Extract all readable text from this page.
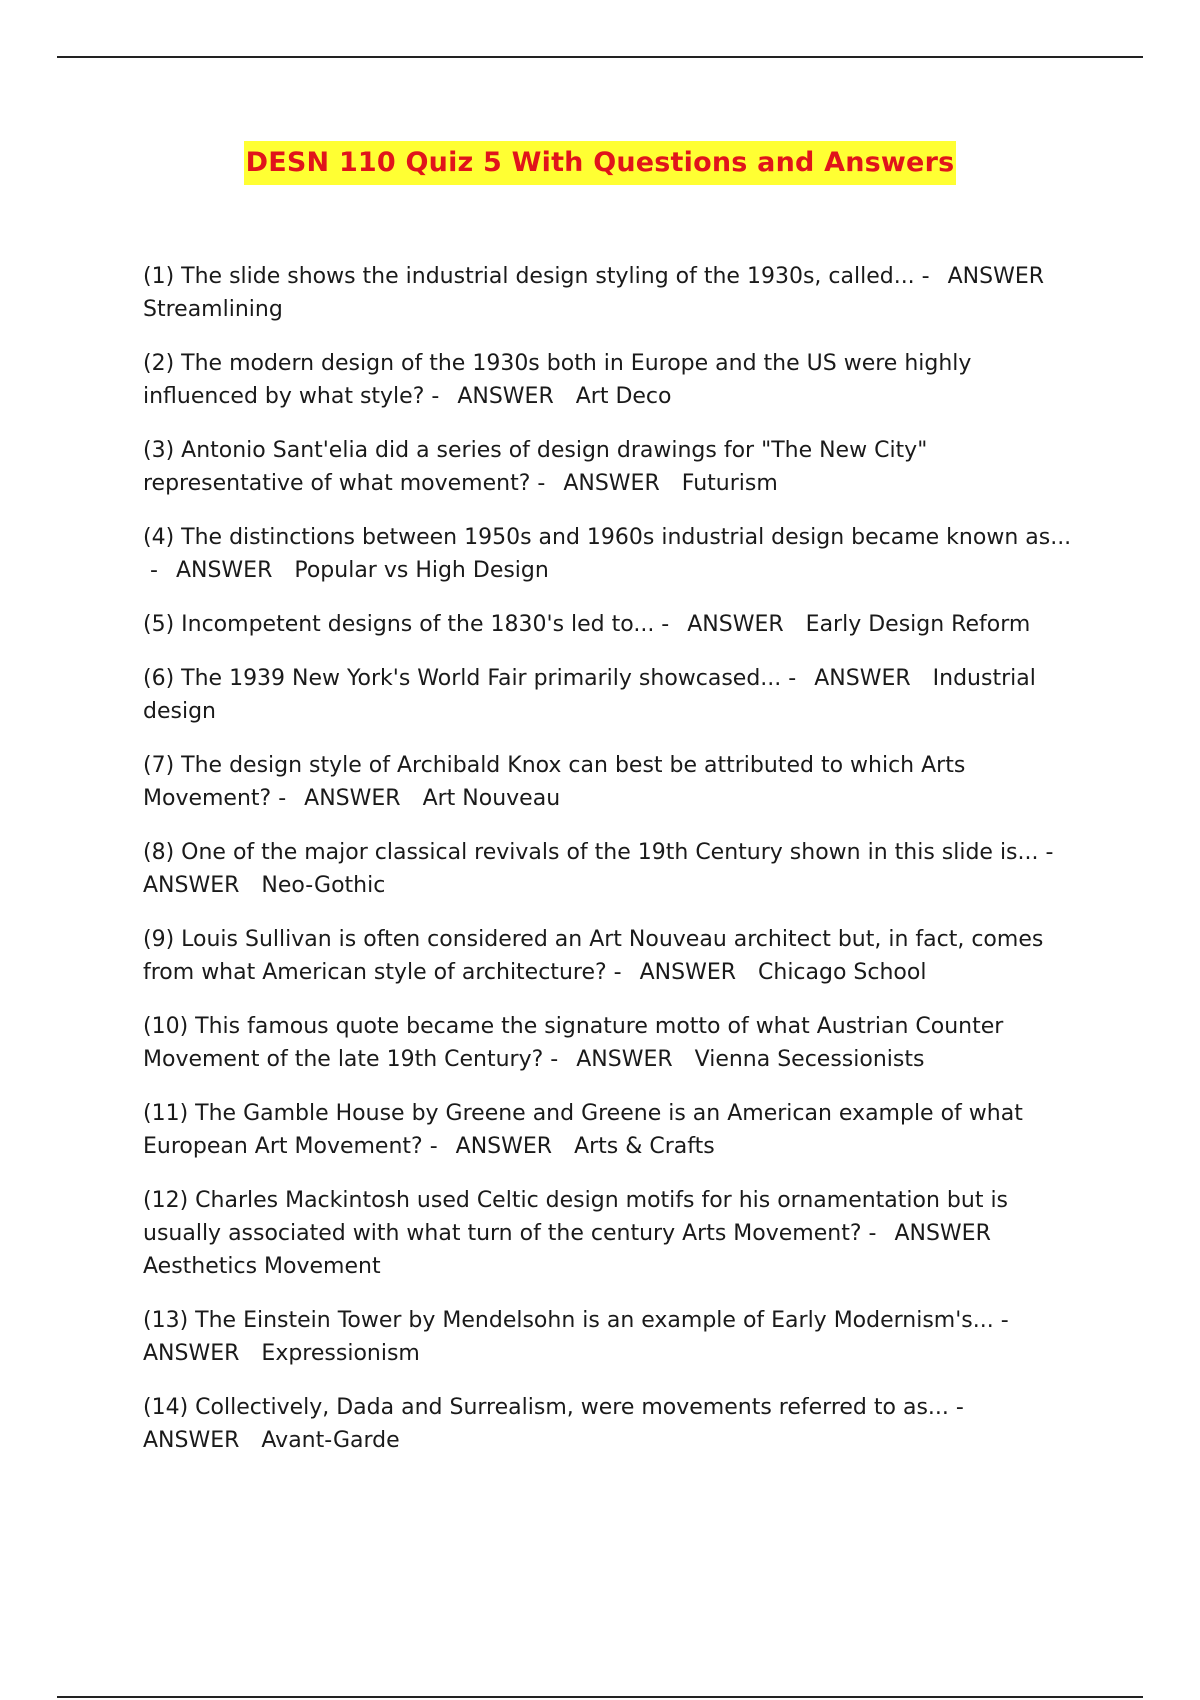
DESN 110 Quiz 5 With Questions and Answers
(1) The slide shows the industrial design styling of the 1930s, called... -  ANSWER Streamlining
(2) The modern design of the 1930s both in Europe and the US were highly influenced by what style? -  ANSWER  Art Deco
(3) Antonio Sant'elia did a series of design drawings for "The New City" representative of what movement? -  ANSWER  Futurism
(4) The distinctions between 1950s and 1960s industrial design became known as... -  ANSWER  Popular vs High Design
(5) Incompetent designs of the 1830's led to... -  ANSWER  Early Design Reform
(6) The 1939 New York's World Fair primarily showcased... -  ANSWER  Industrial design
(7) The design style of Archibald Knox can best be attributed to which Arts Movement? -  ANSWER  Art Nouveau
(8) One of the major classical revivals of the 19th Century shown in this slide is... -  ANSWER  Neo-Gothic
(9) Louis Sullivan is often considered an Art Nouveau architect but, in fact, comes from what American style of architecture? -  ANSWER  Chicago School
(10) This famous quote became the signature motto of what Austrian Counter Movement of the late 19th Century? -  ANSWER  Vienna Secessionists
(11) The Gamble House by Greene and Greene is an American example of what European Art Movement? -  ANSWER  Arts & Crafts
(12) Charles Mackintosh used Celtic design motifs for his ornamentation but is usually associated with what turn of the century Arts Movement? -  ANSWER Aesthetics Movement
(13) The Einstein Tower by Mendelsohn is an example of Early Modernism's... -  ANSWER  Expressionism
(14) Collectively, Dada and Surrealism, were movements referred to as... -  ANSWER  Avant-Garde
